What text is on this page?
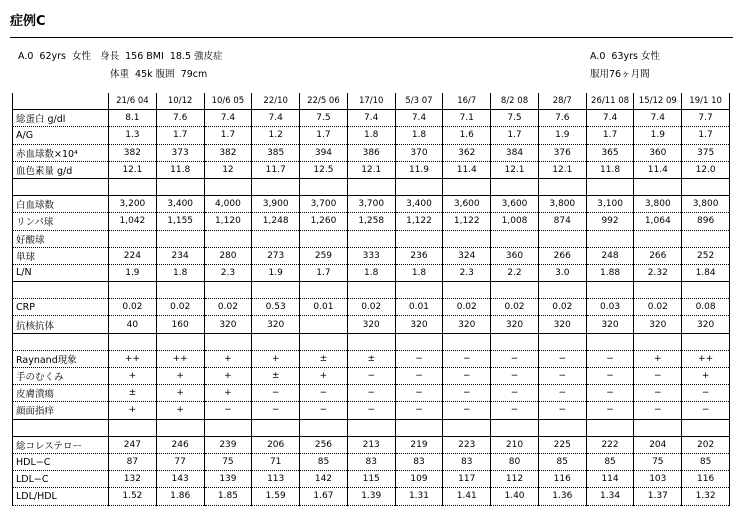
症例C
A.0  62yrs  女性   身長  156 BMI  18.5 強皮症
体重  45k 腹囲  79cm
A.0  63yrs 女性
服用76ヶ月間
	21/6 04	10/12	10/6 05	22/10	22/5 06	17/10	5/3 07	16/7	8/2 08	28/7	26/11 08	15/12 09	19/1 10
総蛋白 g/dl	8.1	7.6	7.4	7.4	7.5	7.4	7.4	7.1	7.5	7.6	7.4	7.4	7.7
A/G	1.3	1.7	1.7	1.2	1.7	1.8	1.8	1.6	1.7	1.9	1.7	1.9	1.7
赤血球数×10⁴	382	373	382	385	394	386	370	362	384	376	365	360	375
血色素量 g/d	12.1	11.8	12	11.7	12.5	12.1	11.9	11.4	12.1	12.1	11.8	11.4	12.0

白血球数	3,200	3,400	4,000	3,900	3,700	3,700	3,400	3,600	3,600	3,800	3,100	3,800	3,800
リンパ球	1,042	1,155	1,120	1,248	1,260	1,258	1,122	1,122	1,008	874	992	1,064	896
好酸球													
単球	224	234	280	273	259	333	236	324	360	266	248	266	252
L/N	1.9	1.8	2.3	1.9	1.7	1.8	1.8	2.3	2.2	3.0	1.88	2.32	1.84

CRP	0.02	0.02	0.02	0.53	0.01	0.02	0.01	0.02	0.02	0.02	0.03	0.02	0.08
抗核抗体	40	160	320	320		320	320	320	320	320	320	320	320

Raynand現象	++	++	+	+	±	±	−	−	−	−	−	+	++
手のむくみ	+	+	+	±	+	−	−	−	−	−	−	−	+
皮膚潰瘍	±	+	+	−	−	−	−	−	−	−	−	−	−
顔面指痒	+	+	−	−	−	−	−	−	−	−	−	−	−

総コレステロー	247	246	239	206	256	213	219	223	210	225	222	204	202
HDL−C	87	77	75	71	85	83	83	83	80	85	85	75	85
LDL−C	132	143	139	113	142	115	109	117	112	116	114	103	116
LDL/HDL	1.52	1.86	1.85	1.59	1.67	1.39	1.31	1.41	1.40	1.36	1.34	1.37	1.32
